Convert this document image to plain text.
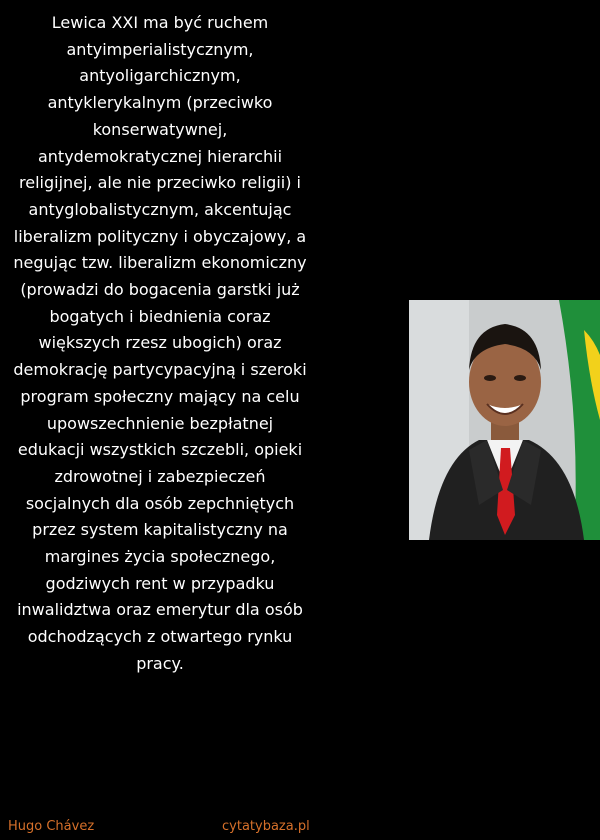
Lewica XXI ma być ruchem antyimperialistycznym, antyoligarchicznym, antyklerykalnym (przeciwko konserwatywnej, antydemokratycznej hierarchii religijnej, ale nie przeciwko religii) i antyglobalistycznym, akcentując liberalizm polityczny i obyczajowy, a negując tzw. liberalizm ekonomiczny (prowadzi do bogacenia garstki już bogatych i biednienia coraz większych rzesz ubogich) oraz demokrację partycypacyjną i szeroki program społeczny mający na celu upowszechnienie bezpłatnej edukacji wszystkich szczebli, opieki zdrowotnej i zabezpieczeń socjalnych dla osób zepchniętych przez system kapitalistyczny na margines życia społecznego, godziwych rent w przypadku inwalidztwa oraz emerytur dla osób odchodzących z otwartego rynku pracy.

Hugo Chávez	cytatybaza.pl
